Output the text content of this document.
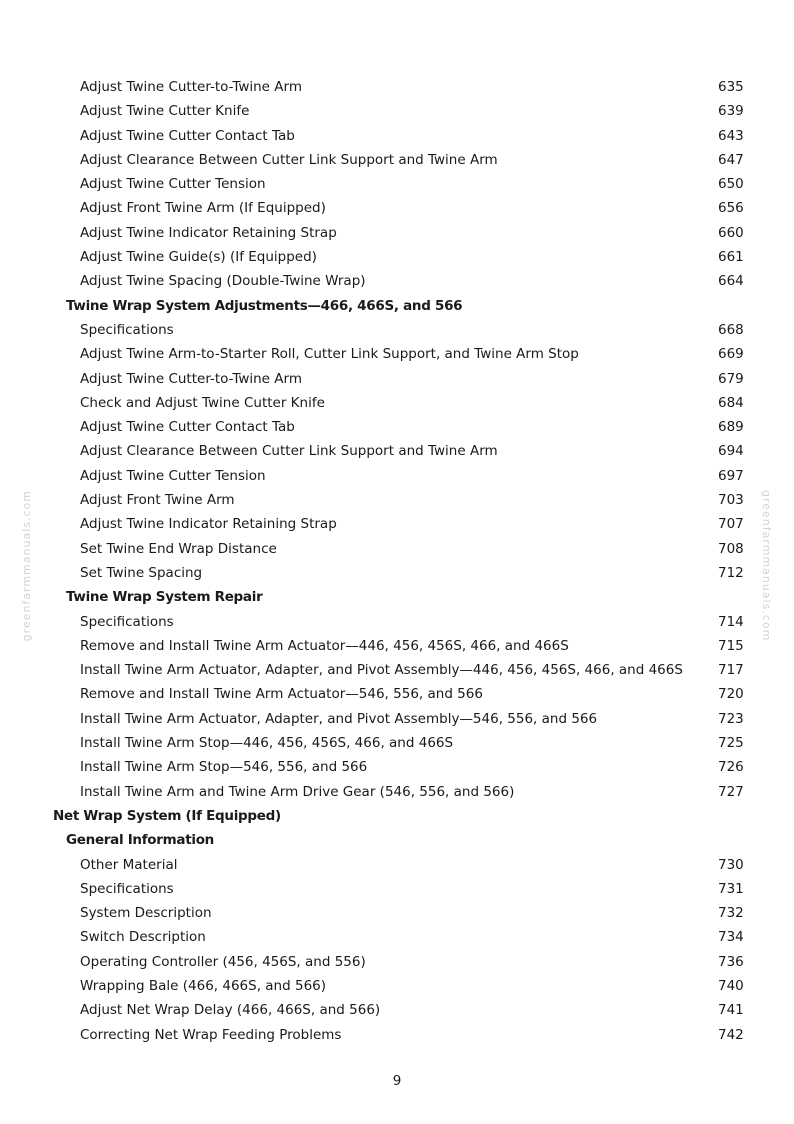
greenfarmmanuals.com	greenfarmmanuals.com
Adjust Twine Cutter-to-Twine Arm	635
Adjust Twine Cutter Knife	639
Adjust Twine Cutter Contact Tab	643
Adjust Clearance Between Cutter Link Support and Twine Arm	647
Adjust Twine Cutter Tension	650
Adjust Front Twine Arm (If Equipped)	656
Adjust Twine Indicator Retaining Strap	660
Adjust Twine Guide(s) (If Equipped)	661
Adjust Twine Spacing (Double-Twine Wrap)	664
Twine Wrap System Adjustments—466, 466S, and 566
Specifications	668
Adjust Twine Arm-to-Starter Roll, Cutter Link Support, and Twine Arm Stop	669
Adjust Twine Cutter-to-Twine Arm	679
Check and Adjust Twine Cutter Knife	684
Adjust Twine Cutter Contact Tab	689
Adjust Clearance Between Cutter Link Support and Twine Arm	694
Adjust Twine Cutter Tension	697
Adjust Front Twine Arm	703
Adjust Twine Indicator Retaining Strap	707
Set Twine End Wrap Distance	708
Set Twine Spacing	712
Twine Wrap System Repair
Specifications	714
Remove and Install Twine Arm Actuator—446, 456, 456S, 466, and 466S	715
Install Twine Arm Actuator, Adapter, and Pivot Assembly—446, 456, 456S, 466, and 466S	717
Remove and Install Twine Arm Actuator—546, 556, and 566	720
Install Twine Arm Actuator, Adapter, and Pivot Assembly—546, 556, and 566	723
Install Twine Arm Stop—446, 456, 456S, 466, and 466S	725
Install Twine Arm Stop—546, 556, and 566	726
Install Twine Arm and Twine Arm Drive Gear (546, 556, and 566)	727
Net Wrap System (If Equipped)
General Information
Other Material	730
Specifications	731
System Description	732
Switch Description	734
Operating Controller (456, 456S, and 556)	736
Wrapping Bale (466, 466S, and 566)	740
Adjust Net Wrap Delay (466, 466S, and 566)	741
Correcting Net Wrap Feeding Problems	742
9
